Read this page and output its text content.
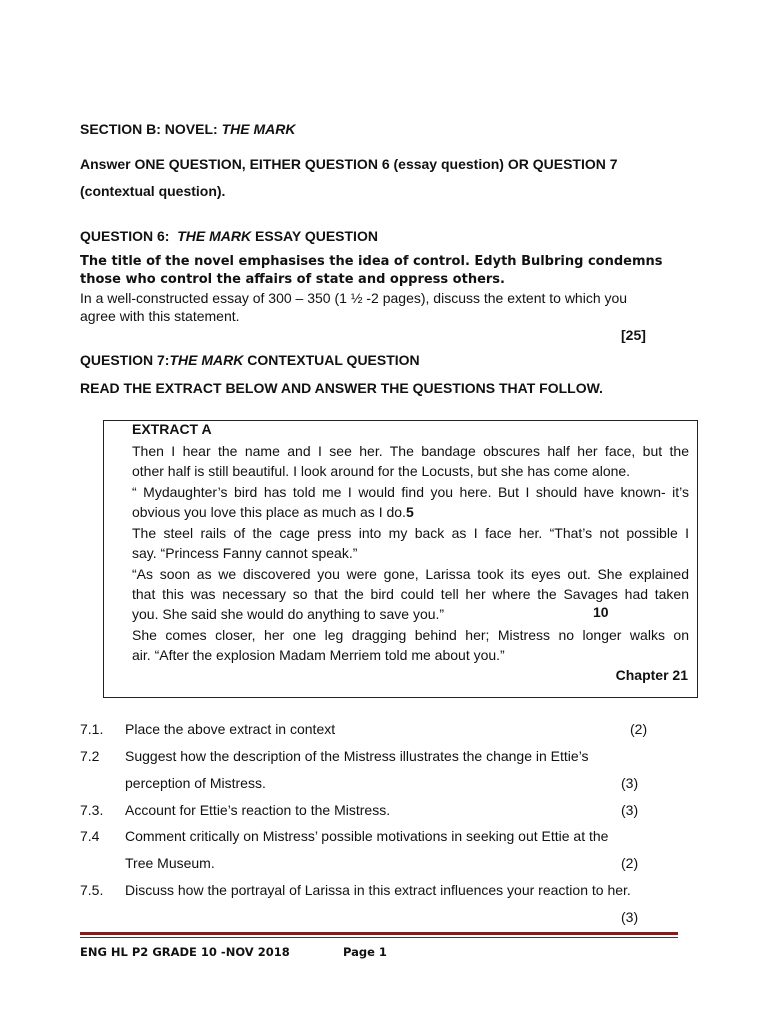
SECTION B: NOVEL: THE MARK
Answer ONE QUESTION, EITHER QUESTION 6 (essay question) OR QUESTION 7
(contextual question).
QUESTION 6:  THE MARK ESSAY QUESTION
The title of the novel emphasises the idea of control. Edyth Bulbring condemns
those who control the affairs of state and oppress others.
In a well-constructed essay of 300 – 350 (1 ½ -2 pages), discuss the extent to which you
agree with this statement.
[25]
QUESTION 7:THE MARK CONTEXTUAL QUESTION
READ THE EXTRACT BELOW AND ANSWER THE QUESTIONS THAT FOLLOW.
EXTRACT A
Then I hear the name and I see her. The bandage obscures half her face, but the
other half is still beautiful. I look around for the Locusts, but she has come alone.
“ Mydaughter’s bird has told me I would find you here. But I should have known- it’s
obvious you love this place as much as I do.5
The steel rails of the cage press into my back as I face her. “That’s not possible I
say. “Princess Fanny cannot speak.”
“As soon as we discovered you were gone, Larissa took its eyes out. She explained
that this was necessary so that the bird could tell her where the Savages had taken
you. She said she would do anything to save you.”	10
She comes closer, her one leg dragging behind her; Mistress no longer walks on
air. “After the explosion Madam Merriem told me about you.”
Chapter 21
7.1. Place the above extract in context	(2)
7.2 Suggest how the description of the Mistress illustrates the change in Ettie’s
perception of Mistress.	(3)
7.3. Account for Ettie’s reaction to the Mistress.	(3)
7.4 Comment critically on Mistress’ possible motivations in seeking out Ettie at the
Tree Museum.	(2)
7.5. Discuss how the portrayal of Larissa in this extract influences your reaction to her.
(3)
ENG HL P2 GRADE 10 -NOV 2018	Page 1
